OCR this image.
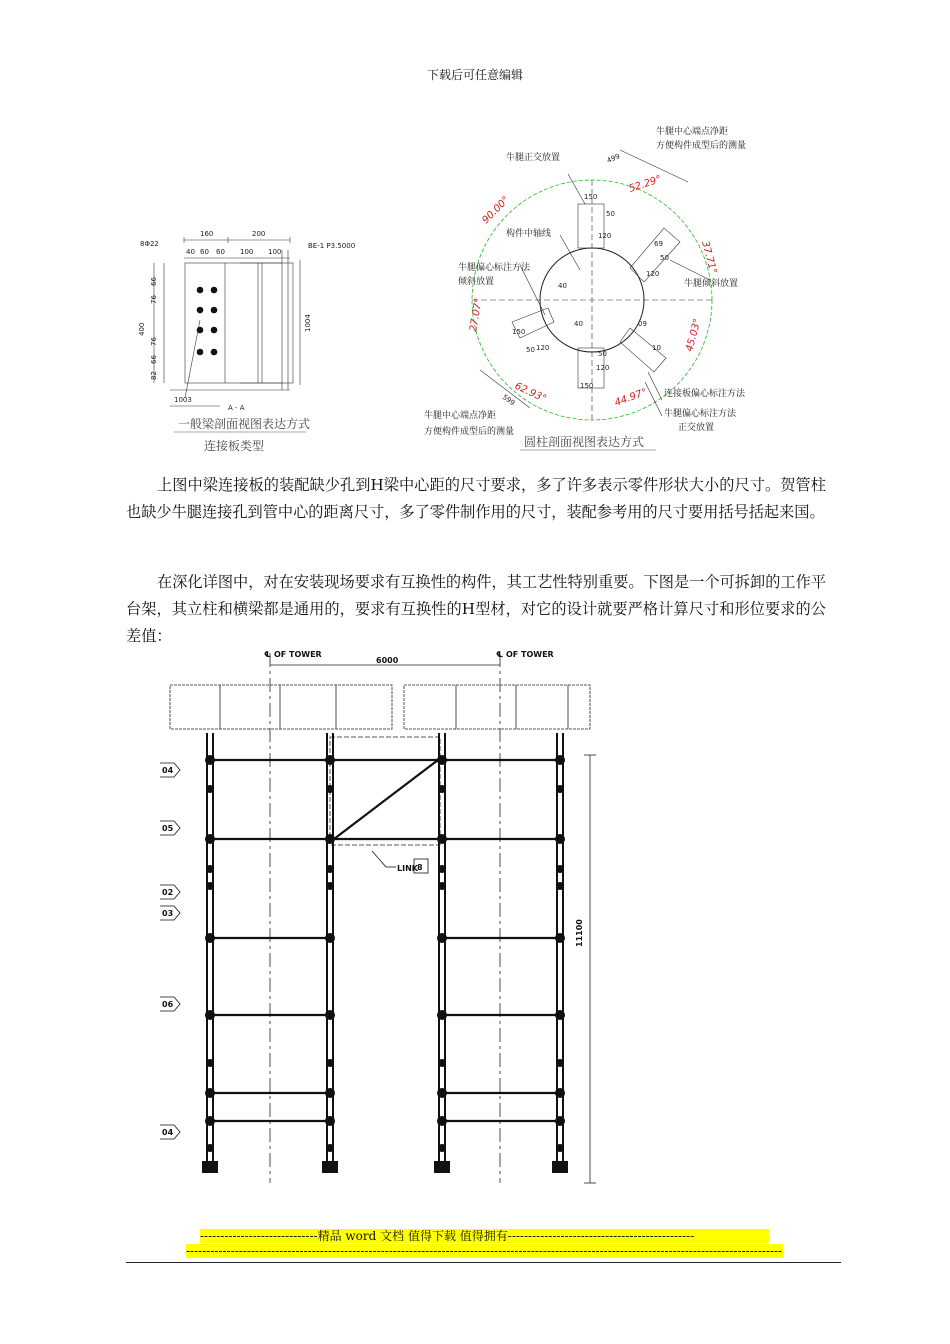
下载后可任意编辑
160	200
40 60 60 100 100
8Φ22	BE-1 P3.5000
66
76
400
76
66
82
1004
1003
A - A
一般梁剖面视图表达方式
连接板类型
499
150
50
120
69
50
120
40
40
150
50
120
150
50 120
09
10
599
52.29°
90.00°
37.71°
27.07°
45.03°
62.93°	44.97°
牛腿中心端点净距
方便构件成型后的测量
牛腿正交放置
构件中轴线
牛腿偏心标注方法
倾斜放置	牛腿倾斜放置
连接板偏心标注方法
牛腿偏心标注方法
正交放置
牛腿中心端点净距
方便构件成型后的测量
圆柱剖面视图表达方式
上图中梁连接板的装配缺少孔到H梁中心距的尺寸要求，多了许多表示零件形状大小的尺寸。贺管柱也缺少牛腿连接孔到管中心的距离尺寸，多了零件制作用的尺寸，装配参考用的尺寸要用括号括起来国。
在深化详图中，对在安装现场要求有互换性的构件，其工艺性特别重要。下图是一个可拆卸的工作平台架，其立柱和横梁都是通用的，要求有互换性的H型材，对它的设计就要严格计算尺寸和形位要求的公差值：
℄ OF TOWER	℄ OF TOWER
6000
11100
LINK 8
04
05
02
03
06
04
-----------------------------精品 word 文档 值得下载 值得拥有----------------------------------------------
---------------------------------------------------------------------------------------------------------------------------------------------------
